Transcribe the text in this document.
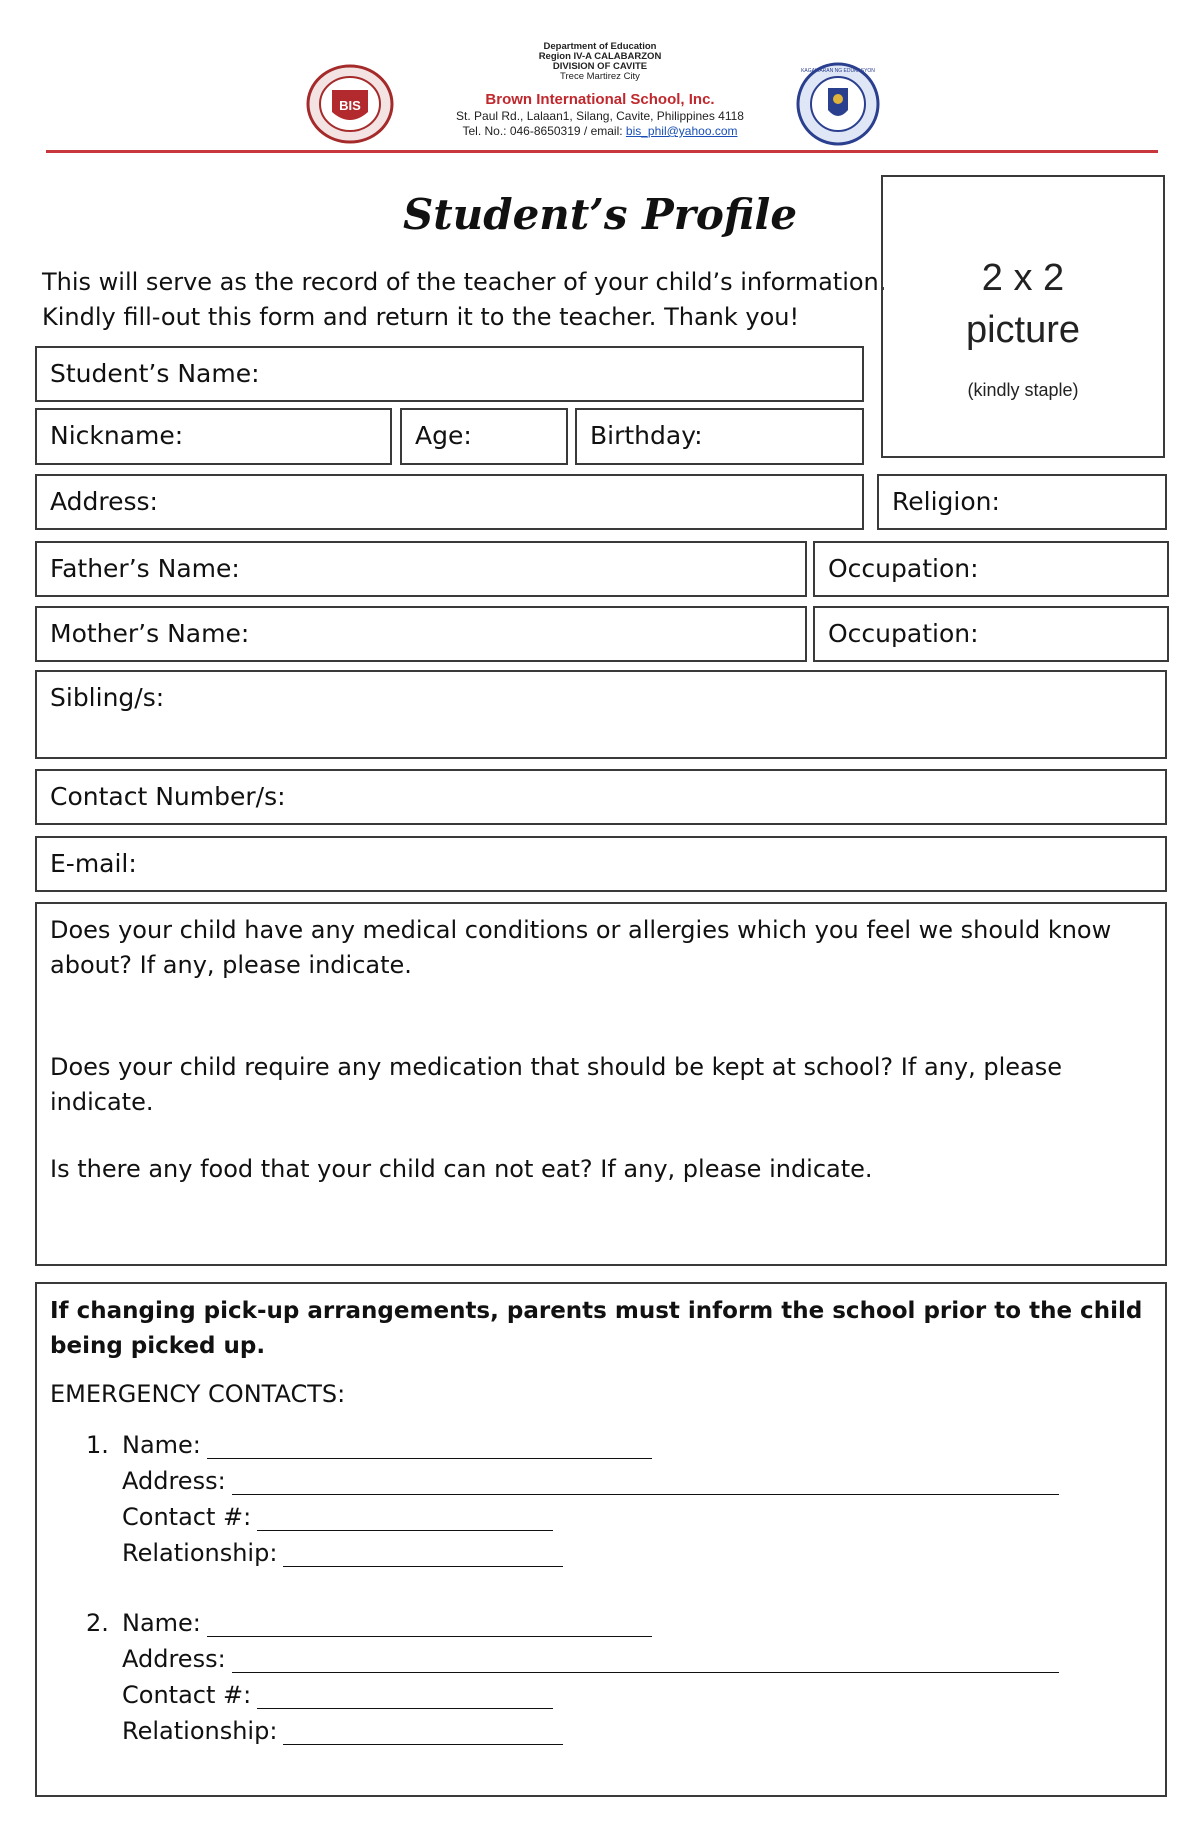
BIS
KAGAWARAN NG EDUKASYON
Department of Education
Region IV-A CALABARZON
DIVISION OF CAVITE
Trece Martirez City
Brown International School, Inc.
St. Paul Rd., Lalaan1, Silang, Cavite, Philippines 4118
Tel. No.: 046-8650319 / email: bis_phil@yahoo.com
Student’s Profile
This will serve as the record of the teacher of your child’s information.
Kindly fill-out this form and return it to the teacher. Thank you!
2 x 2
picture
(kindly staple)
Student’s Name:
Nickname:	Age:	Birthday:
Address:	Religion:
Father’s Name:	Occupation:
Mother’s Name:	Occupation:
Sibling/s:
Contact Number/s:
E-mail:
Does your child have any medical conditions or allergies which you feel we should know about? If any, please indicate.
Does your child require any medication that should be kept at school? If any, please indicate.
Is there any food that your child can not eat? If any, please indicate.
If changing pick-up arrangements, parents must inform the school prior to the child being picked up.
EMERGENCY CONTACTS:
1. Name:
Address:
Contact #:
Relationship:
2. Name:
Address:
Contact #:
Relationship:
